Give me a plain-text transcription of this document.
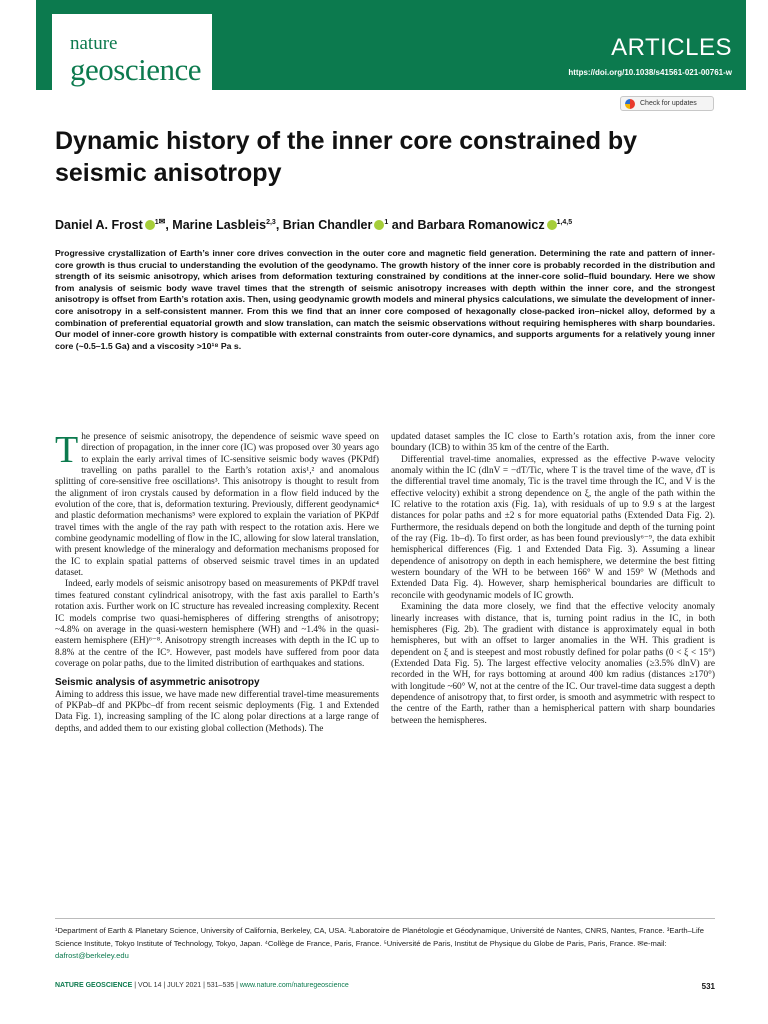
nature
geoscience
ARTICLES
https://doi.org/10.1038/s41561-021-00761-w
Check for updates
Dynamic history of the inner core constrained by seismic anisotropy
Daniel A. Frost $^{1✉}$, Marine Lasbleis$^{2,3}$, Brian Chandler $^1$ and Barbara Romanowicz $^{1,4,5}$

Progressive crystallization of Earth’s inner core drives convection in the outer core and magnetic field generation. Determining the rate and pattern of inner-core growth is thus crucial to understanding the evolution of the geodynamo. The growth history of the inner core is probably recorded in the distribution and strength of its seismic anisotropy, which arises from deformation texturing constrained by conditions at the inner-core solid–fluid boundary. Here we show from analysis of seismic body wave travel times that the strength of seismic anisotropy increases with depth within the inner core, and the strongest anisotropy is offset from Earth’s rotation axis. Then, using geodynamic growth models and mineral physics calculations, we simulate the development of inner-core anisotropy in a self-consistent manner. From this we find that an inner core composed of hexagonally close-packed iron–nickel alloy, deformed by a combination of preferential equatorial growth and slow translation, can match the seismic observations without requiring hemispheres with sharp boundaries. Our model of inner-core growth history is compatible with external constraints from outer-core dynamics, and supports arguments for a relatively young inner core (~0.5–1.5 Ga) and a viscosity >10¹⁸ Pa s.

The presence of seismic anisotropy, the dependence of seismic wave speed on direction of propagation, in the inner core (IC) was proposed over 30 years ago to explain the early arrival times of IC-sensitive seismic body waves (PKPdf) travelling on paths parallel to the Earth’s rotation axis¹,² and anomalous splitting of core-sensitive free oscillations³. This anisotropy is thought to result from the alignment of iron crystals caused by deformation in a flow field induced by the evolution of the core, that is, deformation texturing. Previously, different geodynamic⁴ and plastic deformation mechanisms⁵ were explored to explain the variation of PKPdf travel times with the angle of the ray path with respect to the rotation axis. Here we combine geodynamic modelling of flow in the IC, allowing for slow lateral translation, with present knowledge of the mineralogy and deformation mechanisms proposed for the IC to explain spatial patterns of observed seismic travel times in an updated dataset.

Indeed, early models of seismic anisotropy based on measurements of PKPdf travel times featured constant cylindrical anisotropy, with the fast axis parallel to Earth’s rotation axis. Further work on IC structure has revealed increasing complexity. Recent IC models comprise two quasi-hemispheres of differing strengths of anisotropy; ~4.8% on average in the quasi-western hemisphere (WH) and ~1.4% in the quasi-eastern hemisphere (EH)⁶⁻⁸. Anisotropy strength increases with depth in the IC up to 8.8% at the centre of the IC⁹. However, past models have suffered from poor data coverage on polar paths, due to the limited distribution of earthquakes and stations.

Seismic analysis of asymmetric anisotropy

Aiming to address this issue, we have made new differential travel-time measurements of PKPab–df and PKPbc–df from recent seismic deployments (Fig. 1 and Extended Data Fig. 1), increasing sampling of the IC along polar directions at a large range of depths, and added them to our existing global collection (Methods). The

updated dataset samples the IC close to Earth’s rotation axis, from the inner core boundary (ICB) to within 35 km of the centre of the Earth.

Differential travel-time anomalies, expressed as the effective P-wave velocity anomaly within the IC (dlnV = −dT/Tic, where T is the travel time of the wave, dT is the differential travel time anomaly, Tic is the travel time through the IC, and V is the effective velocity) exhibit a strong dependence on ξ, the angle of the path within the IC relative to the rotation axis (Fig. 1a), with residuals of up to 9.9 s at the largest distances for polar paths and ±2 s for more equatorial paths (Extended Data Fig. 2). Furthermore, the residuals depend on both the longitude and depth of the turning point of the ray (Fig. 1b–d). To first order, as has been found previously⁶⁻⁹, the data exhibit hemispherical differences (Fig. 1 and Extended Data Fig. 3). Assuming a linear dependence of anisotropy on depth in each hemisphere, we determine the best fitting western boundary of the WH to be between 166° W and 159° W (Methods and Extended Data Fig. 4). However, sharp hemispherical boundaries are difficult to reconcile with geodynamic models of IC growth.

Examining the data more closely, we find that the effective velocity anomaly linearly increases with distance, that is, turning point radius in the IC, in both hemispheres (Fig. 2b). The gradient with distance is approximately equal in both hemispheres, but with an offset to larger anomalies in the WH. This gradient is dependent on ξ and is steepest and most robustly defined for polar paths (0 < ξ < 15°) (Extended Data Fig. 5). The largest effective velocity anomalies (≥3.5% dlnV) are recorded in the WH, for rays bottoming at around 400 km radius (distances ≥170°) with longitude ~60° W, not at the centre of the IC. Our travel-time data suggest a depth dependence of anisotropy that, to first order, is smooth and asymmetric with respect to the centre of the Earth, rather than a hemispherical pattern with sharp boundaries between the hemispheres.

¹Department of Earth & Planetary Science, University of California, Berkeley, CA, USA. ²Laboratoire de Planétologie et Géodynamique, Université de Nantes, CNRS, Nantes, France. ³Earth–Life Science Institute, Tokyo Institute of Technology, Tokyo, Japan. ⁴Collège de France, Paris, France. ⁵Université de Paris, Institut de Physique du Globe de Paris, Paris, France. ✉e-mail: dafrost@berkeley.edu
NATURE GEOSCIENCE | VOL 14 | JULY 2021 | 531–535 | www.nature.com/naturegeoscience	531
